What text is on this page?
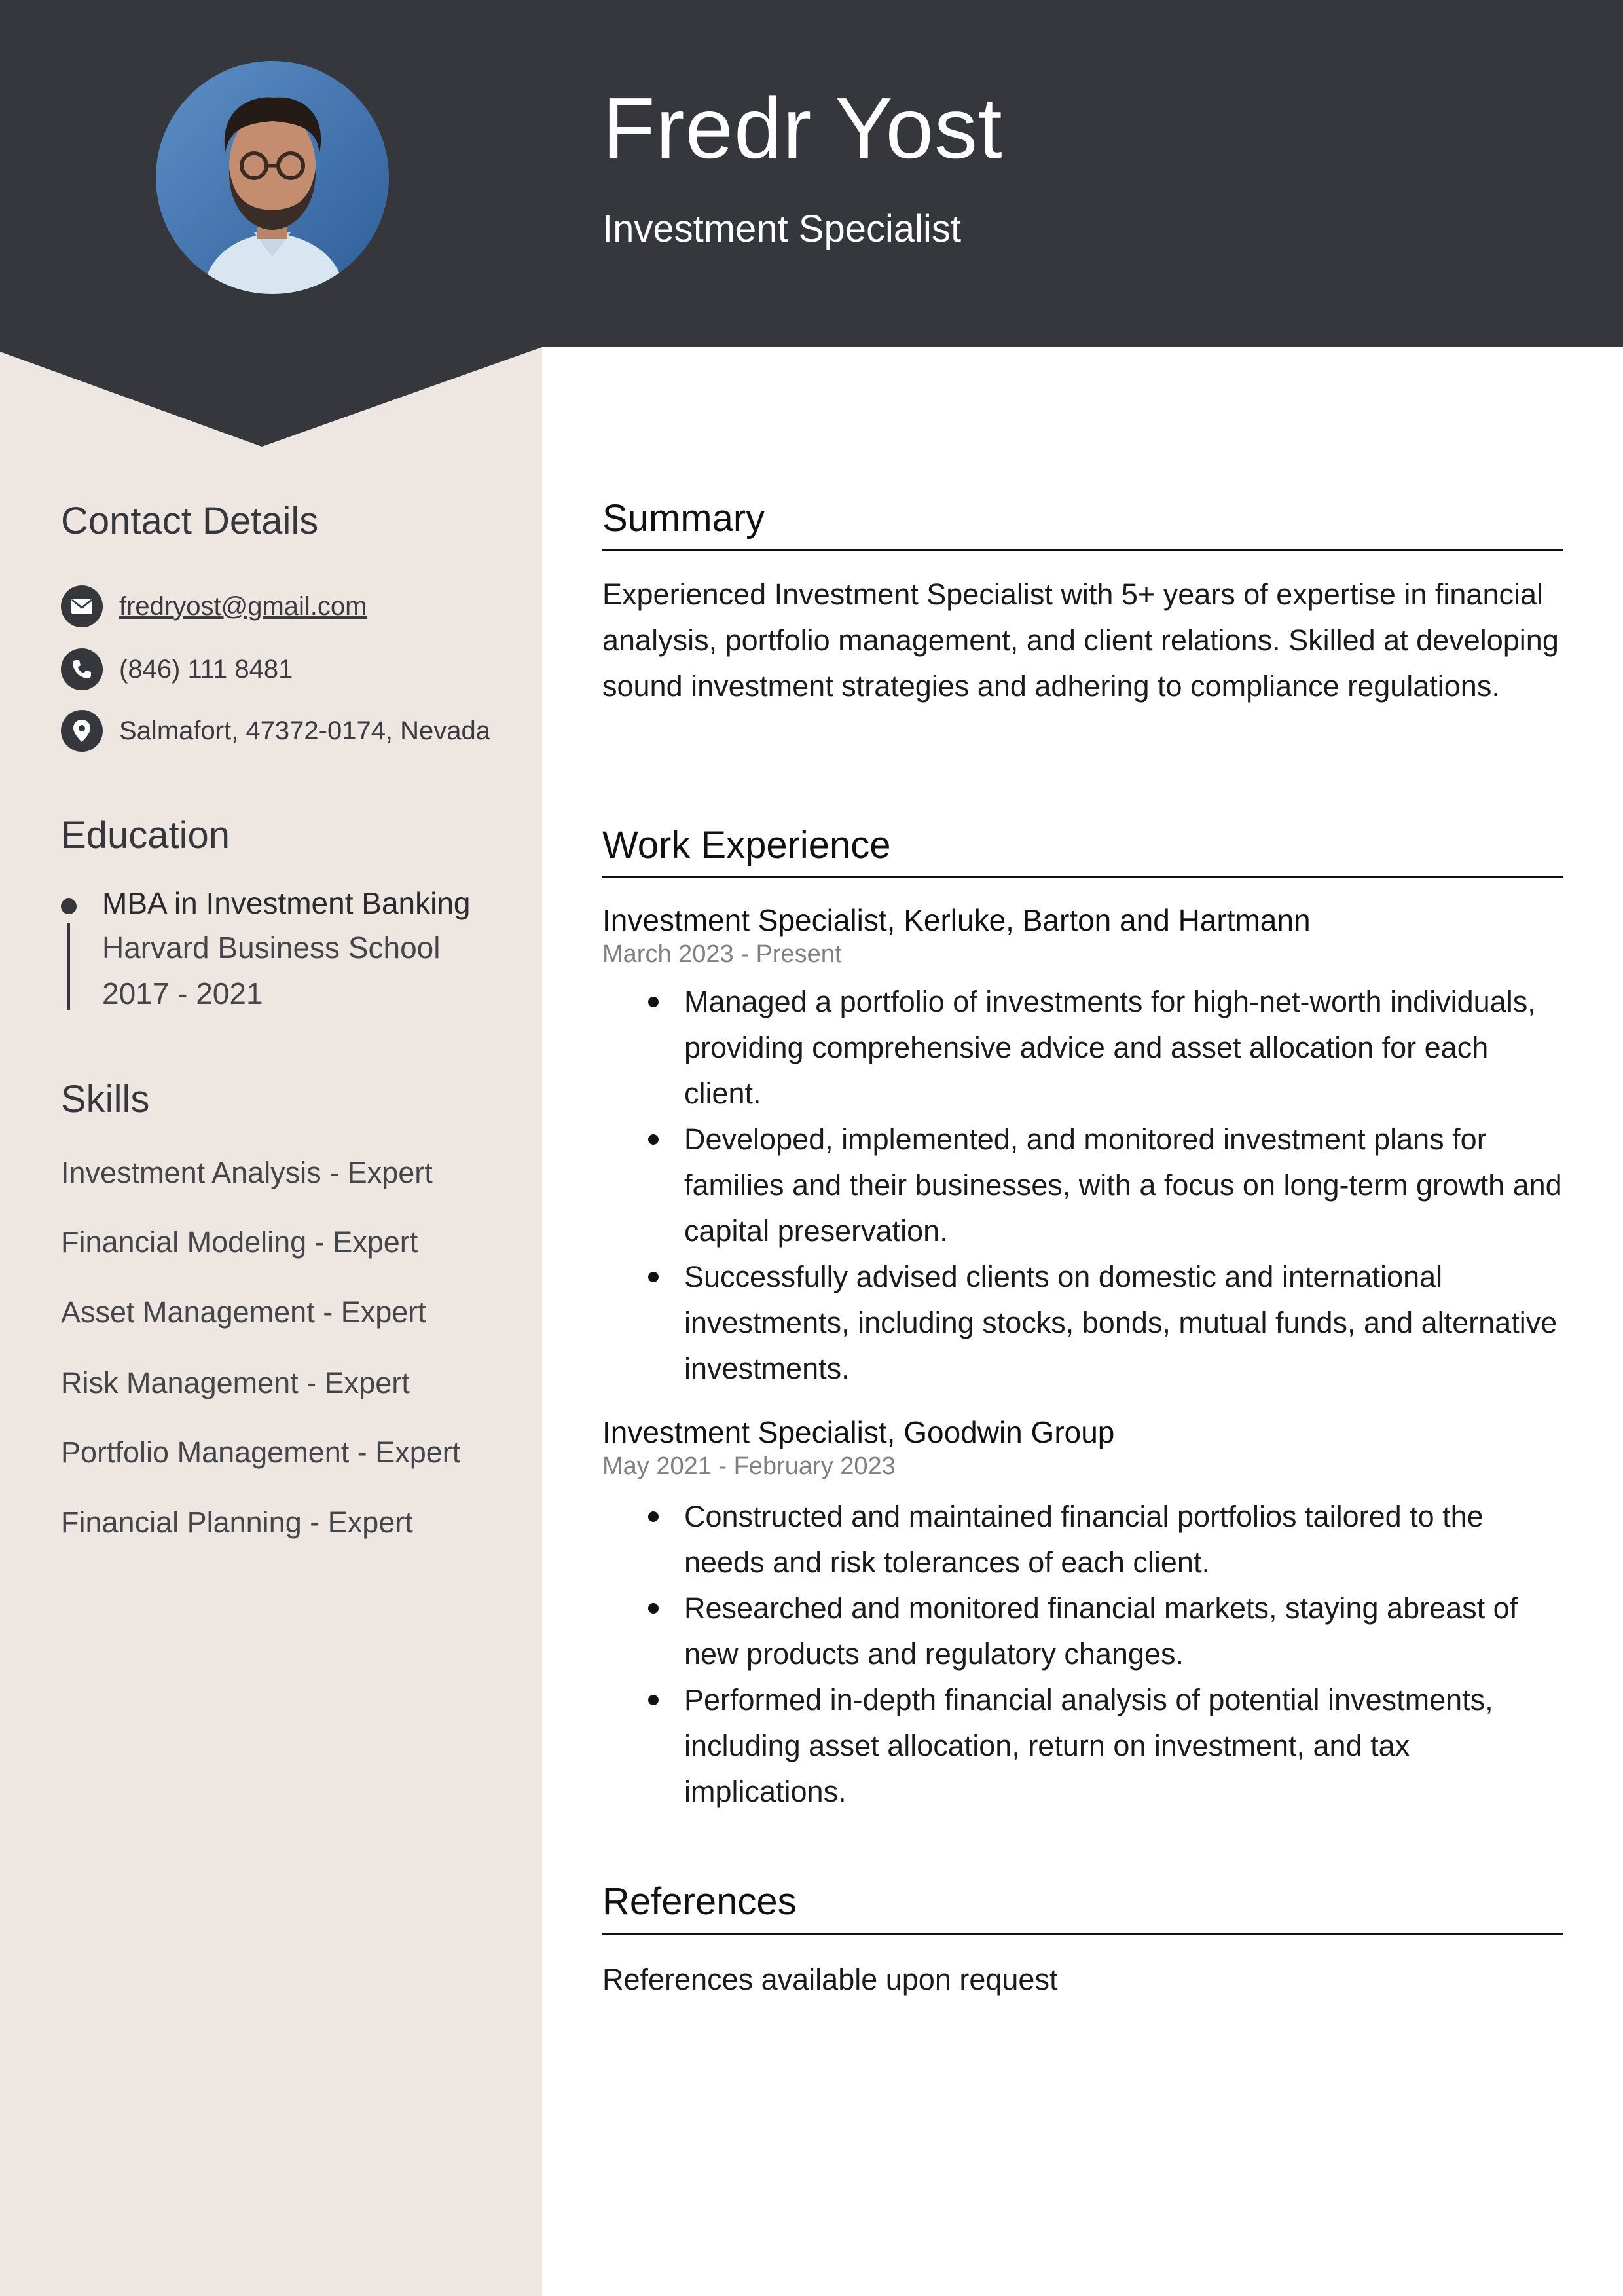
Fredr Yost
Investment Specialist
Contact Details
fredryost@gmail.com
(846) 111 8481
Salmafort, 47372-0174, Nevada
Education
MBA in Investment Banking
Harvard Business School
2017 - 2021
Skills
Investment Analysis - Expert
Financial Modeling - Expert
Asset Management - Expert
Risk Management - Expert
Portfolio Management - Expert
Financial Planning - Expert
Summary
Experienced Investment Specialist with 5+ years of expertise in financial analysis, portfolio management, and client relations. Skilled at developing sound investment strategies and adhering to compliance regulations.
Work Experience
Investment Specialist, Kerluke, Barton and Hartmann
March 2023 - Present
Managed a portfolio of investments for high-net-worth individuals, providing comprehensive advice and asset allocation for each client.
Developed, implemented, and monitored investment plans for families and their businesses, with a focus on long-term growth and capital preservation.
Successfully advised clients on domestic and international investments, including stocks, bonds, mutual funds, and alternative investments.
Investment Specialist, Goodwin Group
May 2021 - February 2023
Constructed and maintained financial portfolios tailored to the needs and risk tolerances of each client.
Researched and monitored financial markets, staying abreast of new products and regulatory changes.
Performed in-depth financial analysis of potential investments, including asset allocation, return on investment, and tax implications.
References
References available upon request
